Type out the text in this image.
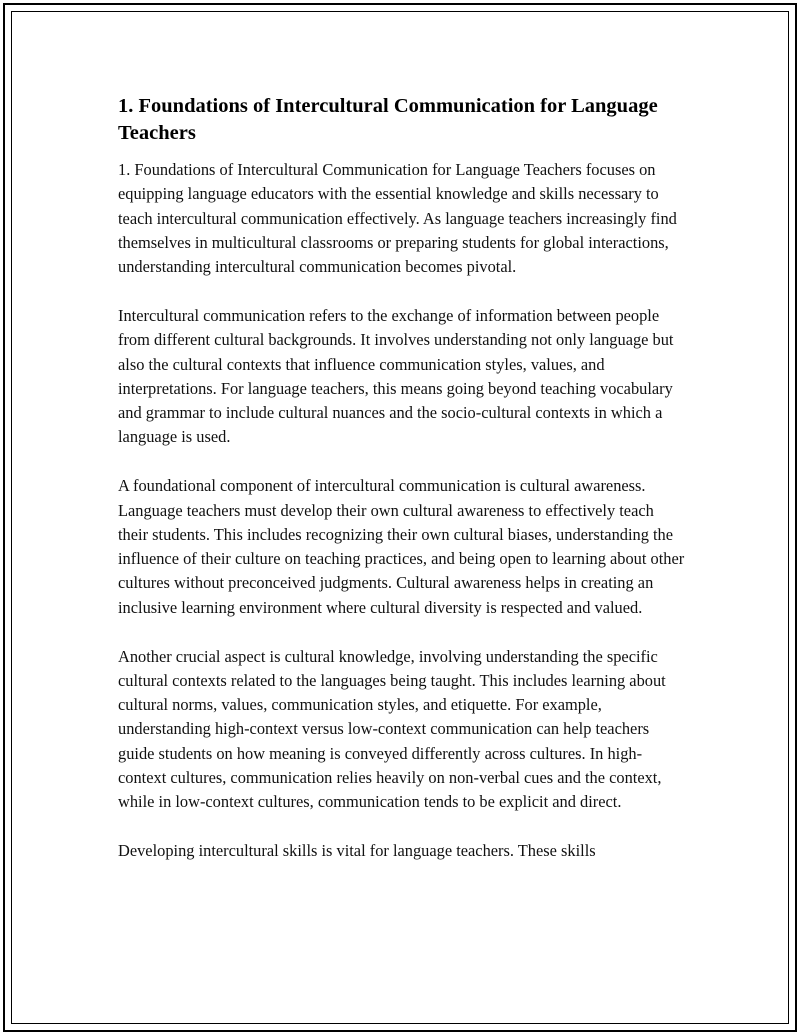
1. Foundations of Intercultural Communication for Language Teachers

1. Foundations of Intercultural Communication for Language Teachers focuses on equipping language educators with the essential knowledge and skills necessary to teach intercultural communication effectively. As language teachers increasingly find themselves in multicultural classrooms or preparing students for global interactions, understanding intercultural communication becomes pivotal.

Intercultural communication refers to the exchange of information between people from different cultural backgrounds. It involves understanding not only language but also the cultural contexts that influence communication styles, values, and interpretations. For language teachers, this means going beyond teaching vocabulary and grammar to include cultural nuances and the socio-cultural contexts in which a language is used.

A foundational component of intercultural communication is cultural awareness. Language teachers must develop their own cultural awareness to effectively teach their students. This includes recognizing their own cultural biases, understanding the influence of their culture on teaching practices, and being open to learning about other cultures without preconceived judgments. Cultural awareness helps in creating an inclusive learning environment where cultural diversity is respected and valued.

Another crucial aspect is cultural knowledge, involving understanding the specific cultural contexts related to the languages being taught. This includes learning about cultural norms, values, communication styles, and etiquette. For example, understanding high-context versus low-context communication can help teachers guide students on how meaning is conveyed differently across cultures. In high-context cultures, communication relies heavily on non-verbal cues and the context, while in low-context cultures, communication tends to be explicit and direct.

Developing intercultural skills is vital for language teachers. These skills
